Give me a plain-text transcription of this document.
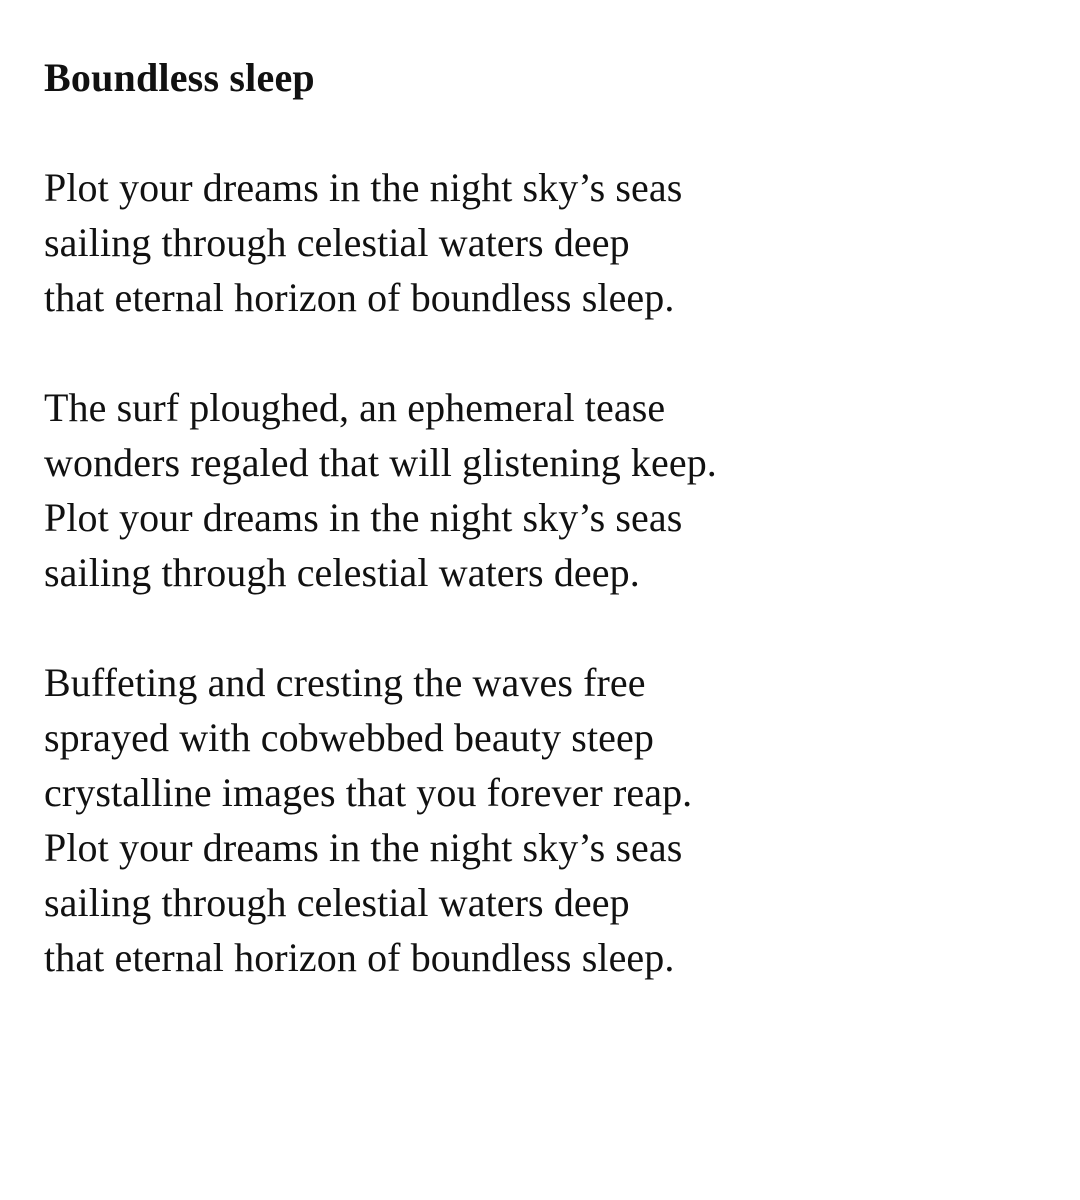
Boundless sleep
Plot your dreams in the night sky’s seas
sailing through celestial waters deep
that eternal horizon of boundless sleep.
The surf ploughed, an ephemeral tease
wonders regaled that will glistening keep.
Plot your dreams in the night sky’s seas
sailing through celestial waters deep.
Buffeting and cresting the waves free
sprayed with cobwebbed beauty steep
crystalline images that you forever reap.
Plot your dreams in the night sky’s seas
sailing through celestial waters deep
that eternal horizon of boundless sleep.
